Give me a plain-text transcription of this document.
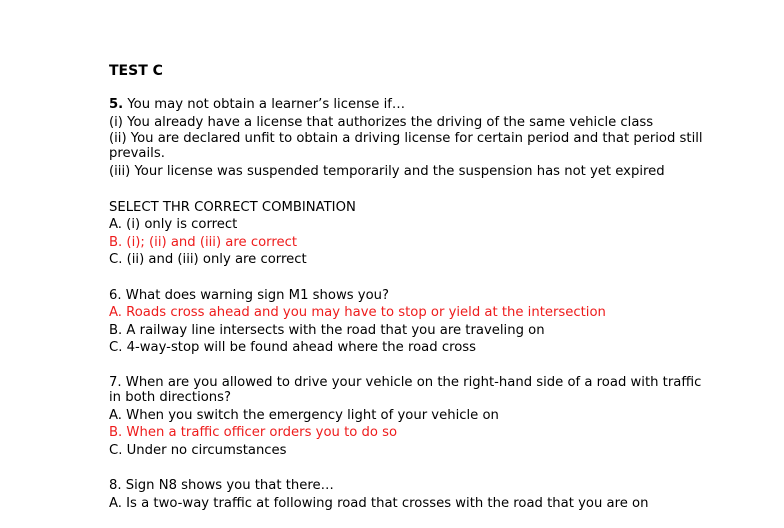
TEST C
5. You may not obtain a learner’s license if…
(i) You already have a license that authorizes the driving of the same vehicle class
(ii) You are declared unfit to obtain a driving license for certain period and that period still prevails.
(iii) Your license was suspended temporarily and the suspension has not yet expired
SELECT THR CORRECT COMBINATION
A. (i) only is correct
B. (i); (ii) and (iii) are correct
C. (ii) and (iii) only are correct
6. What does warning sign M1 shows you?
A. Roads cross ahead and you may have to stop or yield at the intersection
B. A railway line intersects with the road that you are traveling on
C. 4-way-stop will be found ahead where the road cross
7. When are you allowed to drive your vehicle on the right-hand side of a road with traffic in both directions?
A. When you switch the emergency light of your vehicle on
B. When a traffic officer orders you to do so
C. Under no circumstances
8. Sign N8 shows you that there…
A. Is a two-way traffic at following road that crosses with the road that you are on
